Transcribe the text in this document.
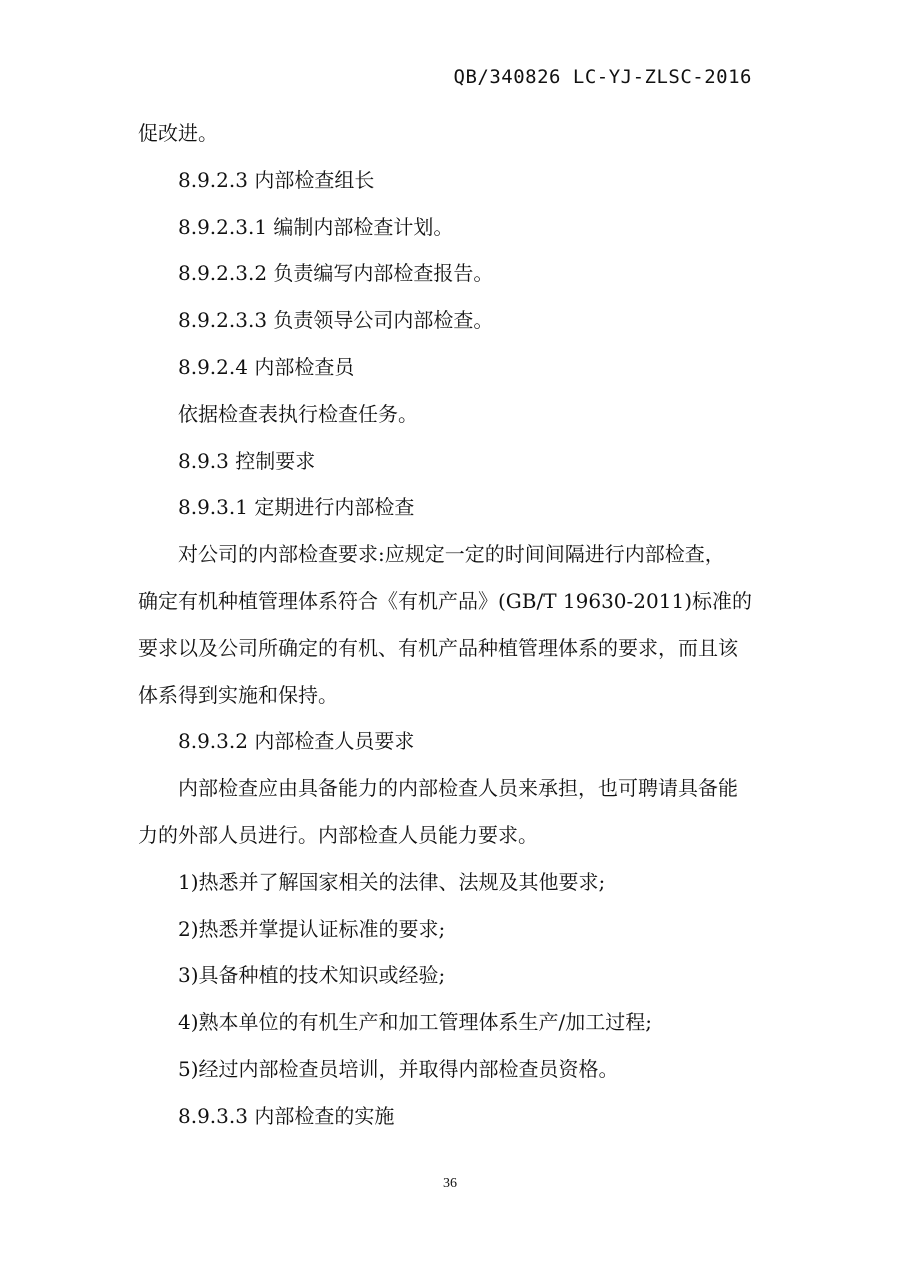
QB/340826 LC-YJ-ZLSC-2016
促改进。
8.9.2.3 内部检查组长
8.9.2.3.1 编制内部检查计划。
8.9.2.3.2 负责编写内部检查报告。
8.9.2.3.3 负责领导公司内部检查。
8.9.2.4 内部检查员
依据检查表执行检查任务。
8.9.3 控制要求
8.9.3.1 定期进行内部检查
对公司的内部检查要求:应规定一定的时间间隔进行内部检查，
确定有机种植管理体系符合《有机产品》(GB/T 19630-2011)标准的
要求以及公司所确定的有机、有机产品种植管理体系的要求，而且该
体系得到实施和保持。
8.9.3.2 内部检查人员要求
内部检查应由具备能力的内部检查人员来承担，也可聘请具备能
力的外部人员进行。内部检查人员能力要求。
1)热悉并了解国家相关的法律、法规及其他要求;
2)热悉并掌提认证标准的要求;
3)具备种植的技术知识或经验;
4)熟本单位的有机生产和加工管理体系生产/加工过程;
5)经过内部检查员培训，并取得内部检查员资格。
8.9.3.3 内部检查的实施
36
